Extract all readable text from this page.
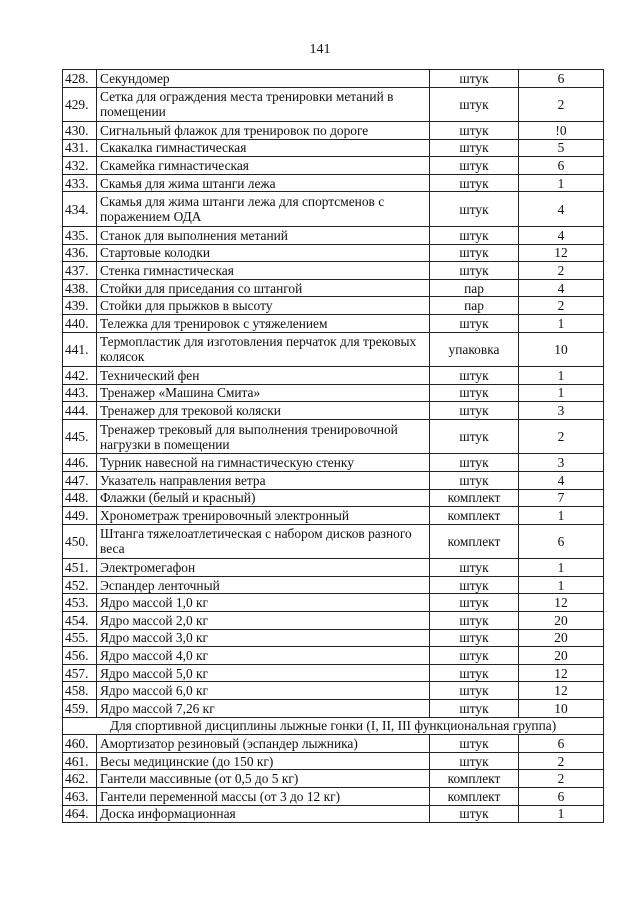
141
428.	Секундомер	штук	6
429.	Сетка для ограждения места тренировки метаний в помещении	штук	2
430.	Сигнальный флажок для тренировок по дороге	штук	!0
431.	Скакалка гимнастическая	штук	5
432.	Скамейка гимнастическая	штук	6
433.	Скамья для жима штанги лежа	штук	1
434.	Скамья для жима штанги лежа для спортсменов с поражением ОДА	штук	4
435.	Станок для выполнения метаний	штук	4
436.	Стартовые колодки	штук	12
437.	Стенка гимнастическая	штук	2
438.	Стойки для приседания со штангой	пар	4
439.	Стойки для прыжков в высоту	пар	2
440.	Тележка для тренировок с утяжелением	штук	1
441.	Термопластик для изготовления перчаток для трековых колясок	упаковка	10
442.	Технический фен	штук	1
443.	Тренажер «Машина Смита»	штук	1
444.	Тренажер для трековой коляски	штук	3
445.	Тренажер трековый для выполнения тренировочной нагрузки в помещении	штук	2
446.	Турник навесной на гимнастическую стенку	штук	3
447.	Указатель направления ветра	штук	4
448.	Флажки (белый и красный)	комплект	7
449.	Хронометраж тренировочный электронный	комплект	1
450.	Штанга тяжелоатлетическая с набором дисков разного веса	комплект	6
451.	Электромегафон	штук	1
452.	Эспандер ленточный	штук	1
453.	Ядро массой 1,0 кг	штук	12
454.	Ядро массой 2,0 кг	штук	20
455.	Ядро массой 3,0 кг	штук	20
456.	Ядро массой 4,0 кг	штук	20
457.	Ядро массой 5,0 кг	штук	12
458.	Ядро массой 6,0 кг	штук	12
459.	Ядро массой 7,26 кг	штук	10
Для спортивной дисциплины лыжные гонки (I, II, III функциональная группа)			
460.	Амортизатор резиновый (эспандер лыжника)	штук	6
461.	Весы медицинские (до 150 кг)	штук	2
462.	Гантели массивные (от 0,5 до 5 кг)	комплект	2
463.	Гантели переменной массы (от 3 до 12 кг)	комплект	6
464.	Доска информационная	штук	1
